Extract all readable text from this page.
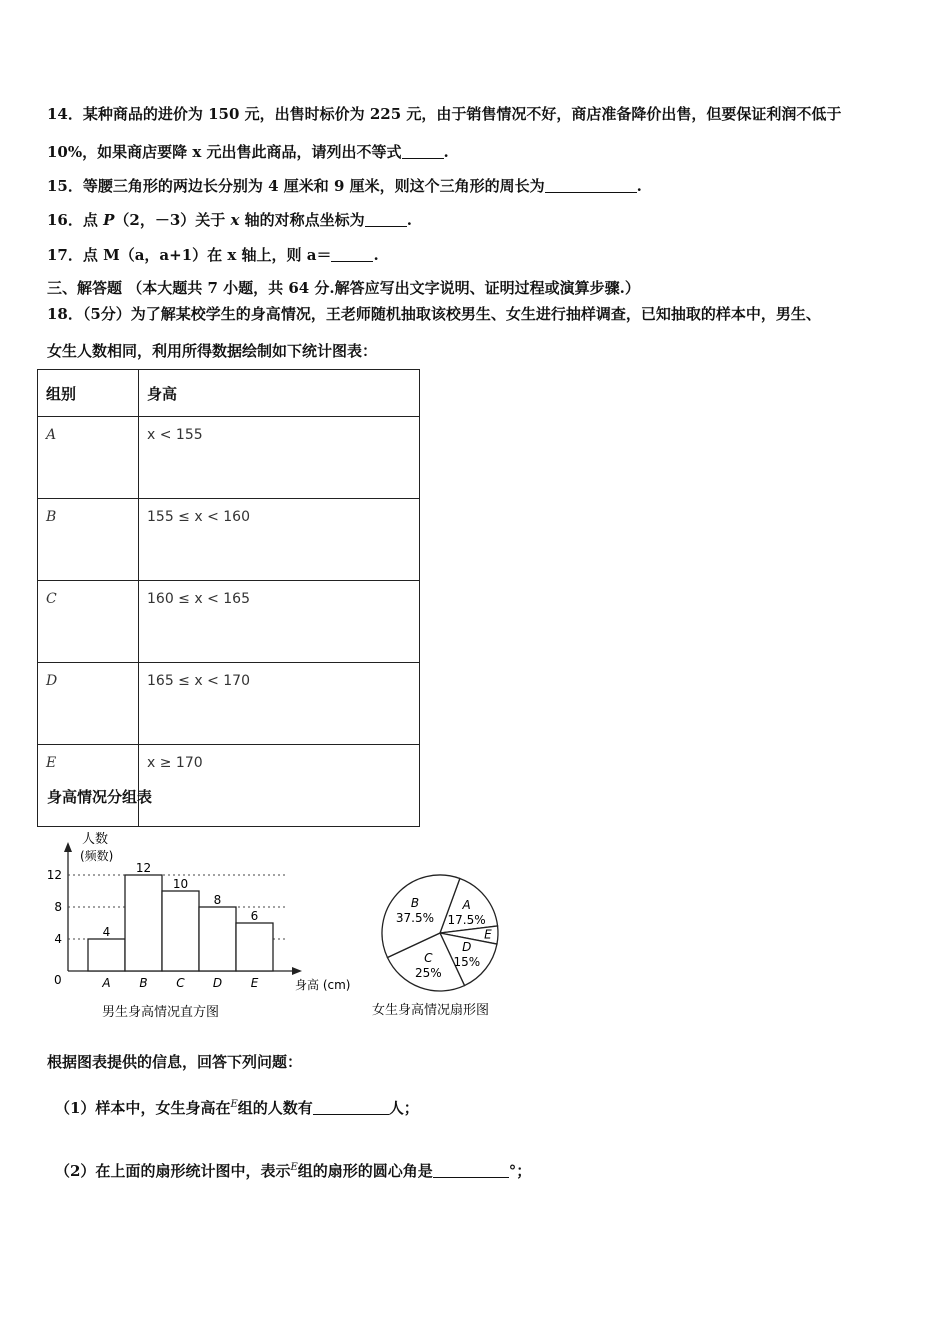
14．某种商品的进价为 150 元，出售时标价为 225 元，由于销售情况不好，商店准备降价出售，但要保证利润不低于
10%，如果商店要降 x 元出售此商品，请列出不等式	.
15．等腰三角形的两边长分别为 4 厘米和 9 厘米，则这个三角形的周长为	.
16．点 P（2，－3）关于 x 轴的对称点坐标为	.
17．点 M（a，a+1）在 x 轴上，则 a＝	.
三、解答题 （本大题共 7 小题，共 64 分.解答应写出文字说明、证明过程或演算步骤.）
18．（5分）为了解某校学生的身高情况，王老师随机抽取该校男生、女生进行抽样调查，已知抽取的样本中，男生、
女生人数相同，利用所得数据绘制如下统计图表：
组别	身高
A	x < 155
B	155 ≤ x < 160
C	160 ≤ x < 165
D	165 ≤ x < 170
E	x ≥ 170
身高情况分组表
人数
(频数)
0	身高 (cm)
4
8
12
4
A
12
B
10
C
8
D
6
E
男生身高情况直方图
A
17.5%
B
37.5%
C
25%
D
15%
E
女生身高情况扇形图
根据图表提供的信息，回答下列问题：
（1）样本中，女生身高在$^E$组的人数有	人；
（2）在上面的扇形统计图中，表示$^E$组的扇形的圆心角是	°；
